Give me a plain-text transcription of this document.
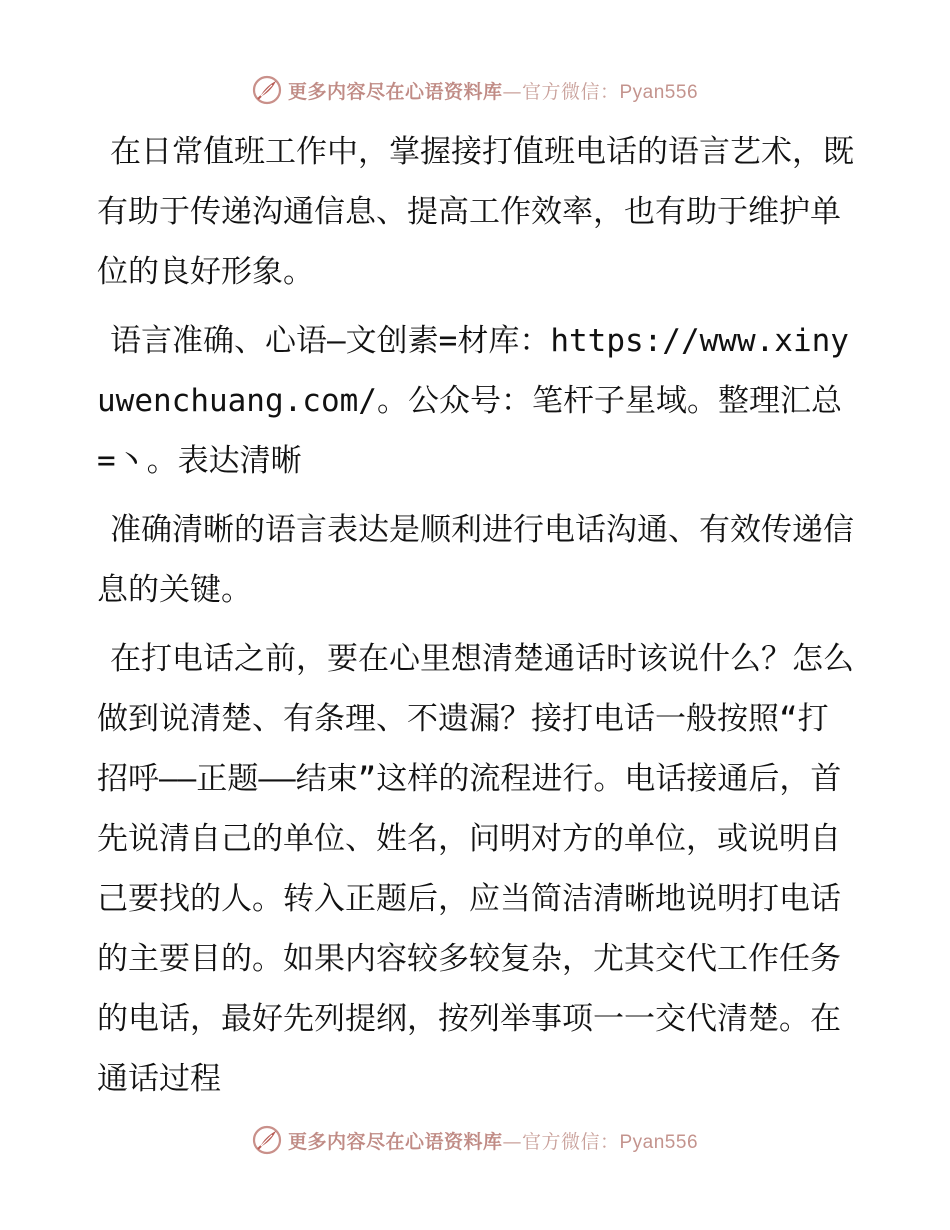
更多内容尽在心语资料库—官方微信：Pyan556

在日常值班工作中，掌握接打值班电话的语言艺术，既有助于传递沟通信息、提高工作效率，也有助于维护单位的良好形象。

语言准确、心语—文创素=材库：https://www.xinyuwenchuang.com/。公众号：笔杆子星域。整理汇总=丶。表达清晰

准确清晰的语言表达是顺利进行电话沟通、有效传递信息的关键。

在打电话之前，要在心里想清楚通话时该说什么？怎么做到说清楚、有条理、不遗漏？接打电话一般按照“打招呼——正题——结束”这样的流程进行。电话接通后，首先说清自己的单位、姓名，问明对方的单位，或说明自己要找的人。转入正题后，应当简洁清晰地说明打电话的主要目的。如果内容较多较复杂，尤其交代工作任务的电话，最好先列提纲，按列举事项一一交代清楚。在通话过程

更多内容尽在心语资料库—官方微信：Pyan556
